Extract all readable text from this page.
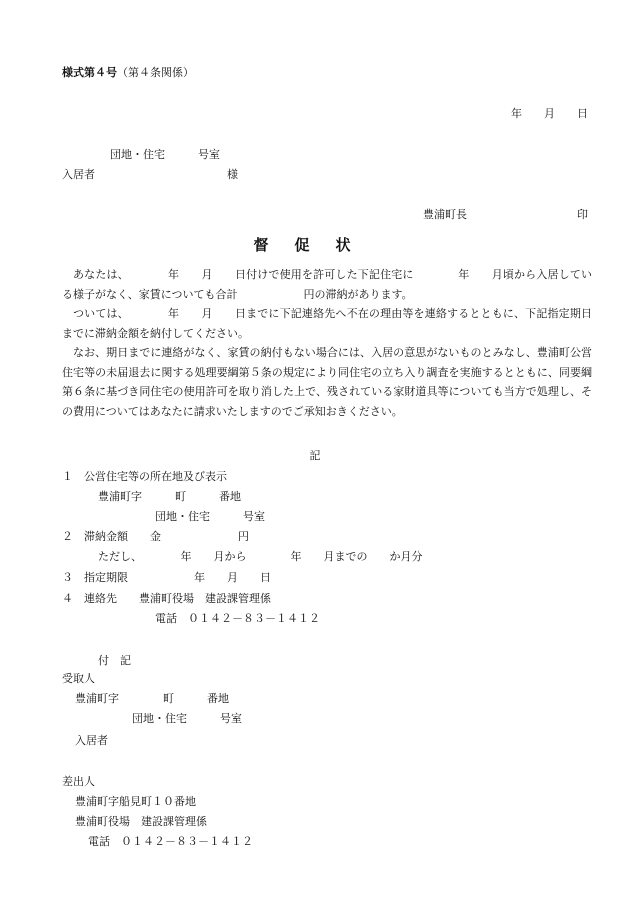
様式第４号（第４条関係）
年　　月　　日
団地・住宅　　　号室
入居者　　　　　　　　　　　　様
豊浦町長　　　　　　　　　　印
督促状
あなたは、　　　　年　　月　　日付けで使用を許可した下記住宅に　　　　年　　月頃から入居している様子がなく、家賃についても合計　　　　　　円の滞納があります。
ついては、　　　　年　　月　　日までに下記連絡先へ不在の理由等を連絡するとともに、下記指定期日までに滞納金額を納付してください。
なお、期日までに連絡がなく、家賃の納付もない場合には、入居の意思がないものとみなし、豊浦町公営住宅等の未届退去に関する処理要綱第５条の規定により同住宅の立ち入り調査を実施するとともに、同要綱第６条に基づき同住宅の使用許可を取り消した上で、残されている家財道具等についても当方で処理し、その費用についてはあなたに請求いたしますのでご承知おきください。
記
１　公営住宅等の所在地及び表示
豊浦町字　　　町　　　番地
団地・住宅　　　号室
２　滞納金額　　金　　　　　　　円
ただし、　　　　年　　月から　　　　年　　月までの　　か月分
３　指定期限　　　　　　年　　月　　日
４　連絡先　　豊浦町役場　建設課管理係
電話　０１４２－８３－１４１２
付　記
受取人
豊浦町字　　　　町　　　番地
団地・住宅　　　号室
入居者
差出人
豊浦町字船見町１０番地
豊浦町役場　建設課管理係
電話　０１４２－８３－１４１２
